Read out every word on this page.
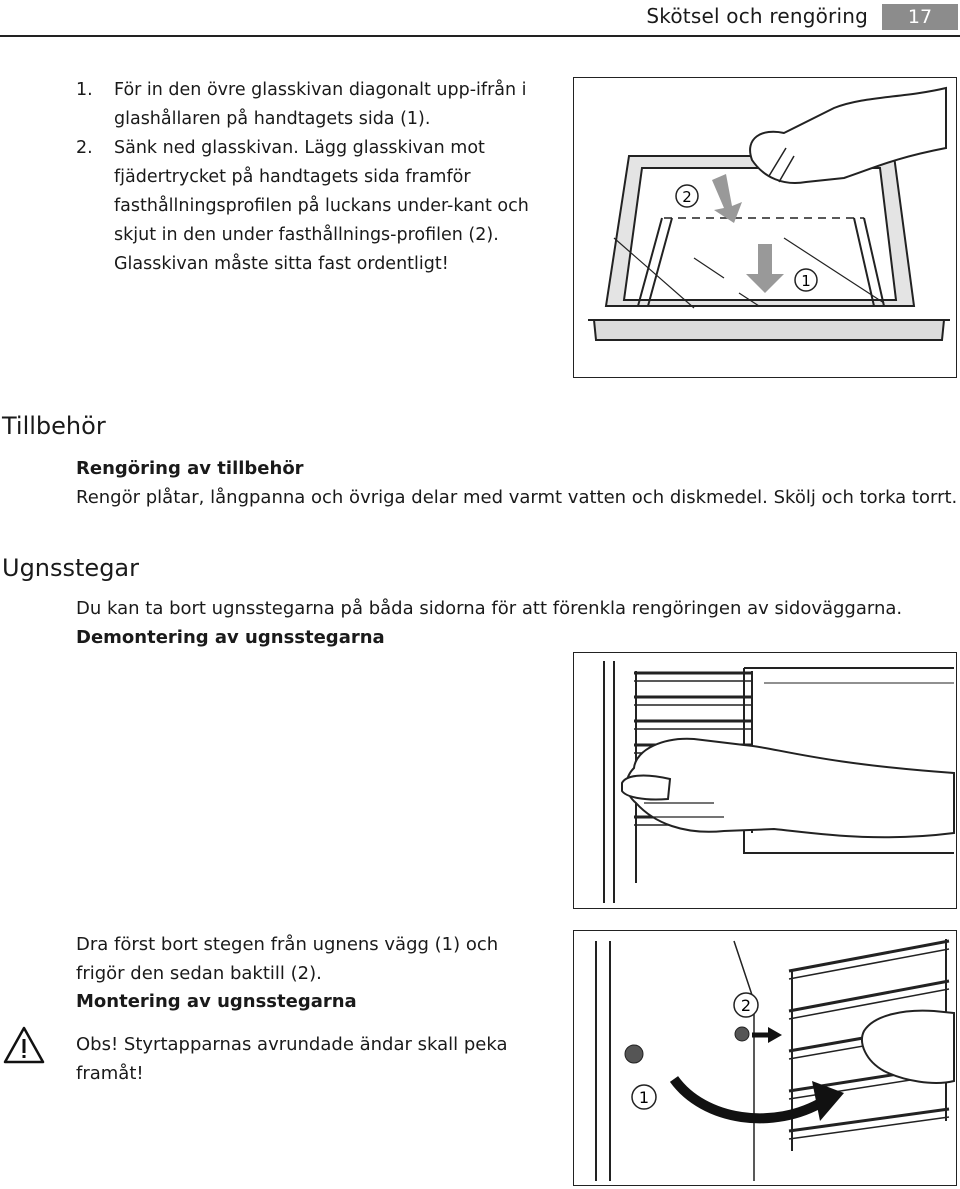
Skötsel och rengöring	17
1. För in den övre glasskivan diagonalt upp-ifrån i glashållaren på handtagets sida (1).
2. Sänk ned glasskivan. Lägg glasskivan mot fjädertrycket på handtagets sida framför fasthållningsprofilen på luckans under-kant och skjut in den under fasthållnings-profilen (2). Glasskivan måste sitta fast ordentligt!
2
1
Tillbehör
Rengöring av tillbehör
Rengör plåtar, långpanna och övriga delar med varmt vatten och diskmedel. Skölj och torka torrt.
Ugnsstegar
Du kan ta bort ugnsstegarna på båda sidorna för att förenkla rengöringen av sidoväggarna.
Demontering av ugnsstegarna
Dra först bort stegen från ugnens vägg (1) och frigör den sedan baktill (2).
Montering av ugnsstegarna
Obs! Styrtapparnas avrundade ändar skall peka framåt!
2
1
